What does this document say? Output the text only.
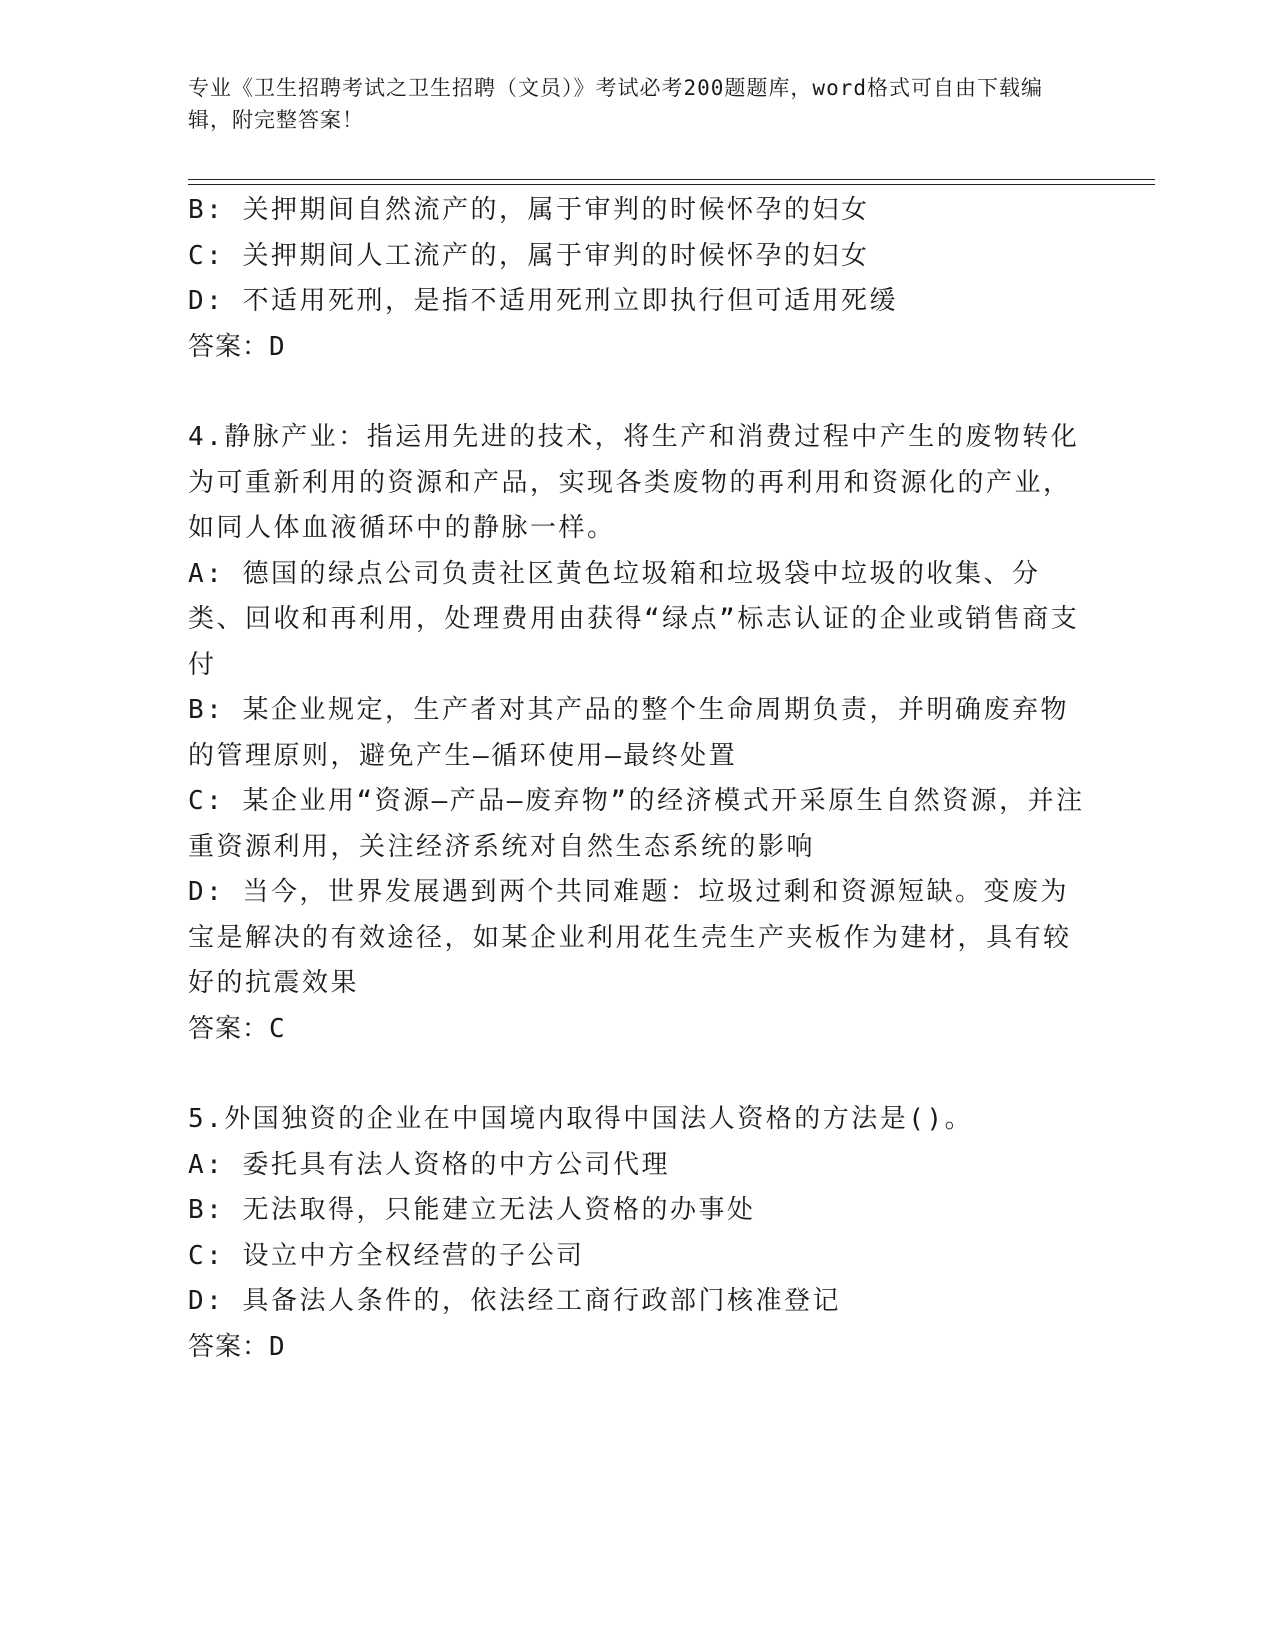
专业《卫生招聘考试之卫生招聘（文员）》考试必考200题题库，word格式可自由下载编辑，附完整答案！

B: 关押期间自然流产的，属于审判的时候怀孕的妇女

C: 关押期间人工流产的，属于审判的时候怀孕的妇女

D: 不适用死刑，是指不适用死刑立即执行但可适用死缓

答案：D

4.静脉产业：指运用先进的技术，将生产和消费过程中产生的废物转化为可重新利用的资源和产品，实现各类废物的再利用和资源化的产业，如同人体血液循环中的静脉一样。

A: 德国的绿点公司负责社区黄色垃圾箱和垃圾袋中垃圾的收集、分类、回收和再利用，处理费用由获得“绿点”标志认证的企业或销售商支付

B: 某企业规定，生产者对其产品的整个生命周期负责，并明确废弃物的管理原则，避免产生—循环使用—最终处置

C: 某企业用“资源—产品—废弃物”的经济模式开采原生自然资源，并注重资源利用，关注经济系统对自然生态系统的影响

D: 当今，世界发展遇到两个共同难题：垃圾过剩和资源短缺。变废为宝是解决的有效途径，如某企业利用花生壳生产夹板作为建材，具有较好的抗震效果

答案：C

5.外国独资的企业在中国境内取得中国法人资格的方法是()。

A: 委托具有法人资格的中方公司代理

B: 无法取得，只能建立无法人资格的办事处

C: 设立中方全权经营的子公司

D: 具备法人条件的，依法经工商行政部门核准登记

答案：D
